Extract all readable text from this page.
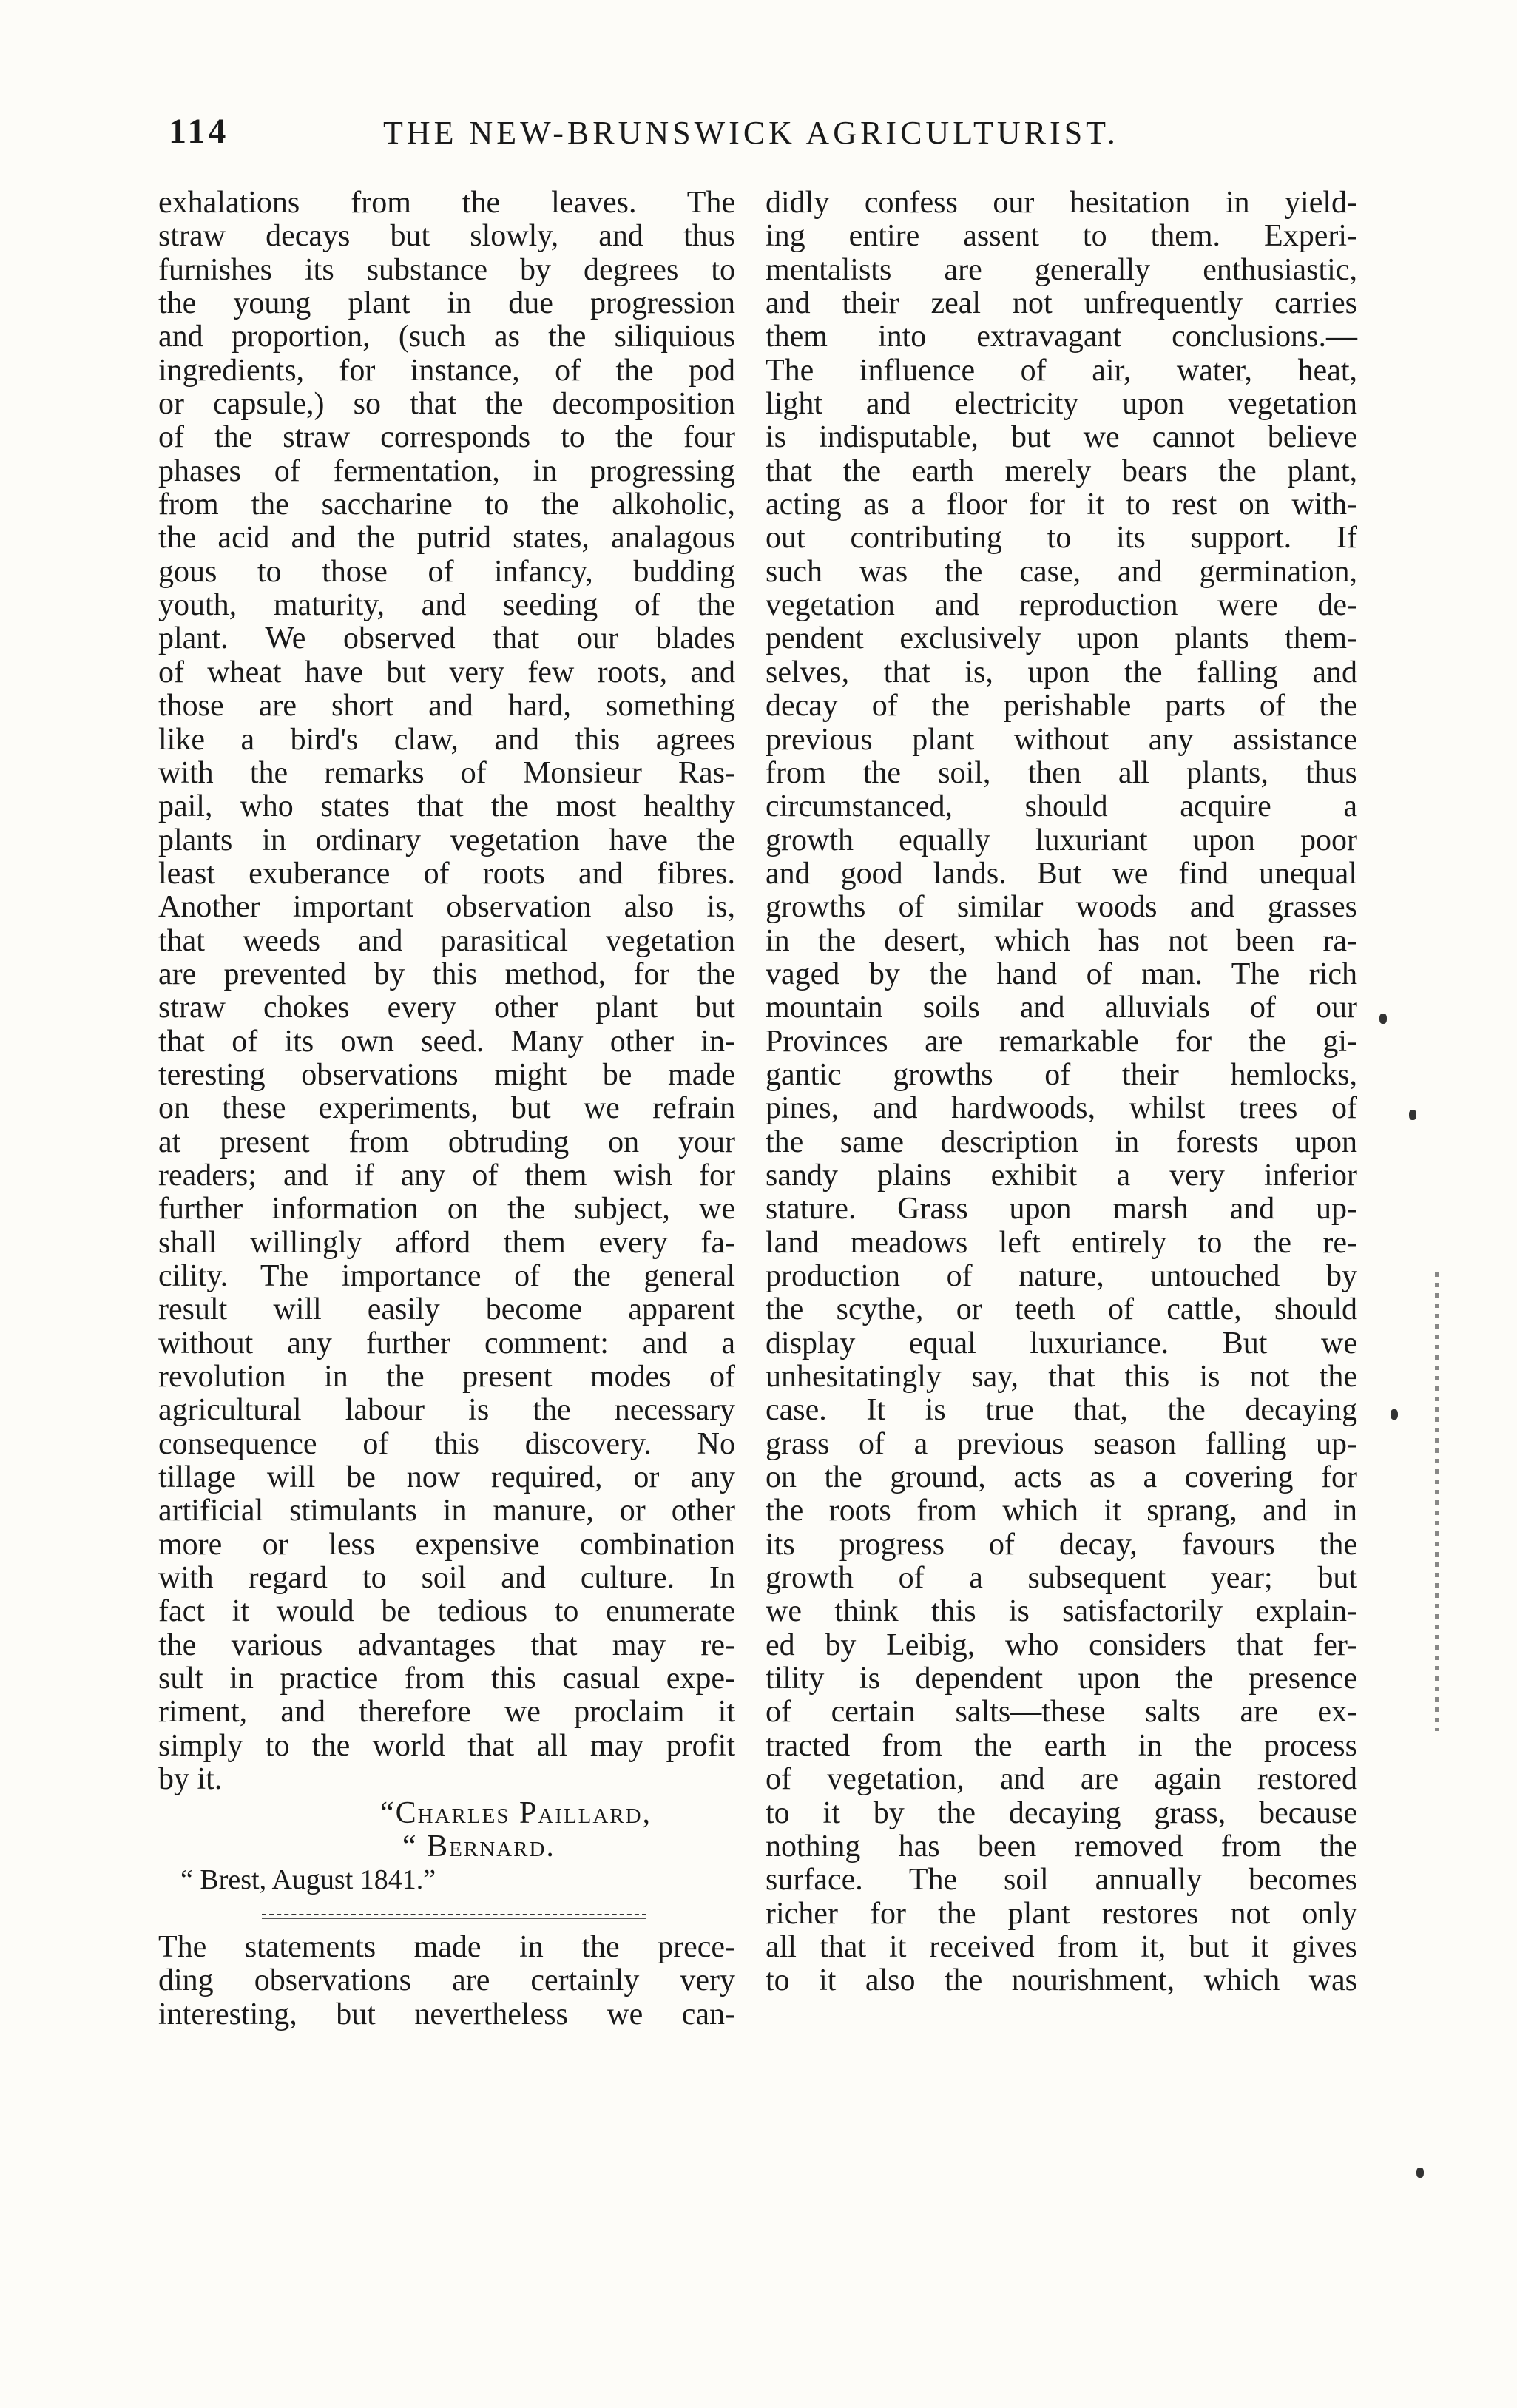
114	THE NEW-BRUNSWICK AGRICULTURIST.
exhalations from the leaves. The
straw decays but slowly, and thus
furnishes its substance by degrees to
the young plant in due progression
and proportion, (such as the siliquious
ingredients, for instance, of the pod
or capsule,) so that the decomposition
of the straw corresponds to the four
phases of fermentation, in progressing
from the saccharine to the alkoholic,
the acid and the putrid states, analagous
gous to those of infancy, budding
youth, maturity, and seeding of the
plant. We observed that our blades
of wheat have but very few roots, and
those are short and hard, something
like a bird's claw, and this agrees
with the remarks of Monsieur Ras-
pail, who states that the most healthy
plants in ordinary vegetation have the
least exuberance of roots and fibres.
Another important observation also is,
that weeds and parasitical vegetation
are prevented by this method, for the
straw chokes every other plant but
that of its own seed. Many other in-
teresting observations might be made
on these experiments, but we refrain
at present from obtruding on your
readers; and if any of them wish for
further information on the subject, we
shall willingly afford them every fa-
cility. The importance of the general
result will easily become apparent
without any further comment: and a
revolution in the present modes of
agricultural labour is the necessary
consequence of this discovery. No
tillage will be now required, or any
artificial stimulants in manure, or other
more or less expensive combination
with regard to soil and culture. In
fact it would be tedious to enumerate
the various advantages that may re-
sult in practice from this casual expe-
riment, and therefore we proclaim it
simply to the world that all may profit
by it.
“Charles Paillard,
“ Bernard.
“ Brest, August 1841.”
The statements made in the prece-
ding observations are certainly very
interesting, but nevertheless we can-
didly confess our hesitation in yield-
ing entire assent to them. Experi-
mentalists are generally enthusiastic,
and their zeal not unfrequently carries
them into extravagant conclusions.—
The influence of air, water, heat,
light and electricity upon vegetation
is indisputable, but we cannot believe
that the earth merely bears the plant,
acting as a floor for it to rest on with-
out contributing to its support. If
such was the case, and germination,
vegetation and reproduction were de-
pendent exclusively upon plants them-
selves, that is, upon the falling and
decay of the perishable parts of the
previous plant without any assistance
from the soil, then all plants, thus
circumstanced, should acquire a
growth equally luxuriant upon poor
and good lands. But we find unequal
growths of similar woods and grasses
in the desert, which has not been ra-
vaged by the hand of man. The rich
mountain soils and alluvials of our
Provinces are remarkable for the gi-
gantic growths of their hemlocks,
pines, and hardwoods, whilst trees of
the same description in forests upon
sandy plains exhibit a very inferior
stature. Grass upon marsh and up-
land meadows left entirely to the re-
production of nature, untouched by
the scythe, or teeth of cattle, should
display equal luxuriance. But we
unhesitatingly say, that this is not the
case. It is true that, the decaying
grass of a previous season falling up-
on the ground, acts as a covering for
the roots from which it sprang, and in
its progress of decay, favours the
growth of a subsequent year; but
we think this is satisfactorily explain-
ed by Leibig, who considers that fer-
tility is dependent upon the presence
of certain salts—these salts are ex-
tracted from the earth in the process
of vegetation, and are again restored
to it by the decaying grass, because
nothing has been removed from the
surface. The soil annually becomes
richer for the plant restores not only
all that it received from it, but it gives
to it also the nourishment, which was
